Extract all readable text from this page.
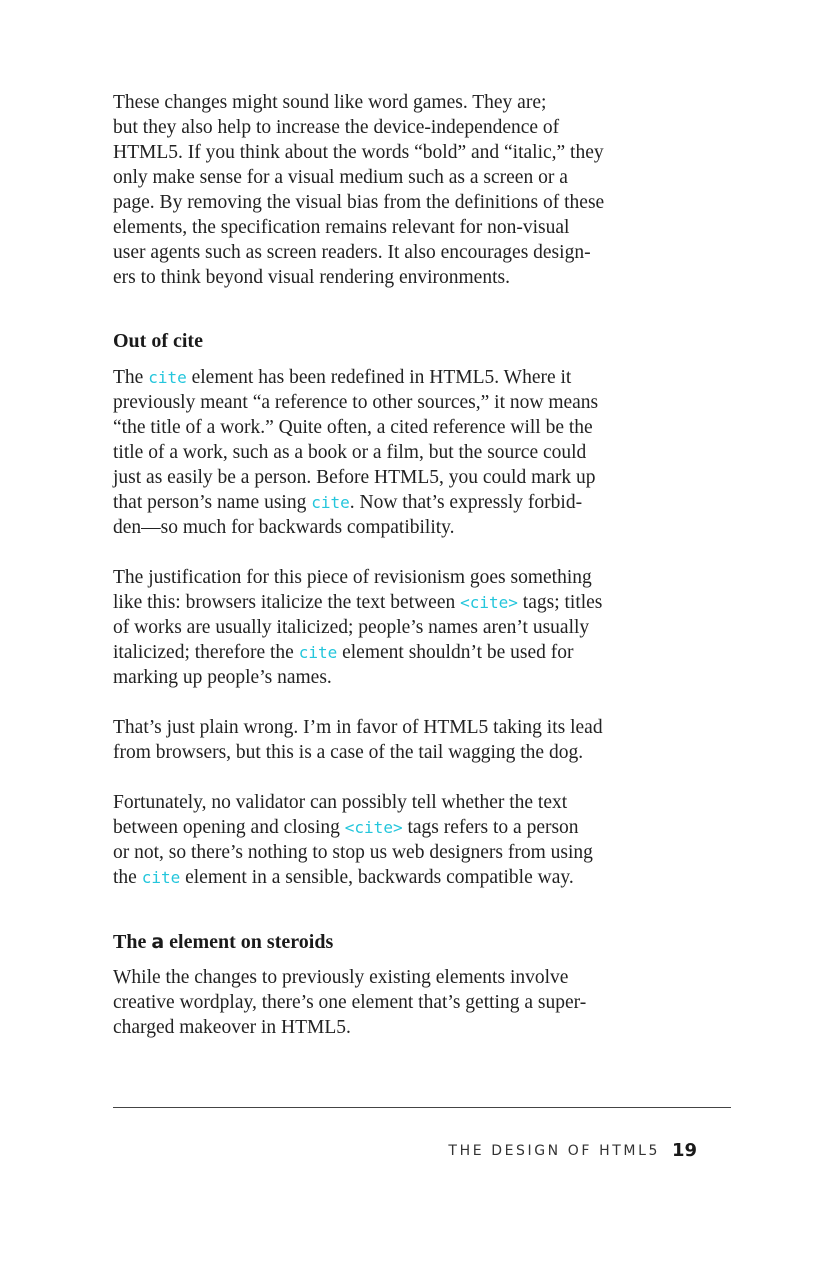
These changes might sound like word games. They are;
but they also help to increase the device-independence of
HTML5. If you think about the words “bold” and “italic,” they
only make sense for a visual medium such as a screen or a
page. By removing the visual bias from the definitions of these
elements, the specification remains relevant for non-visual
user agents such as screen readers. It also encourages design-
ers to think beyond visual rendering environments.
Out of cite
The cite element has been redefined in HTML5. Where it
previously meant “a reference to other sources,” it now means
“the title of a work.” Quite often, a cited reference will be the
title of a work, such as a book or a film, but the source could
just as easily be a person. Before HTML5, you could mark up
that person’s name using cite. Now that’s expressly forbid-
den—so much for backwards compatibility.
The justification for this piece of revisionism goes something
like this: browsers italicize the text between <cite> tags; titles
of works are usually italicized; people’s names aren’t usually
italicized; therefore the cite element shouldn’t be used for
marking up people’s names.
That’s just plain wrong. I’m in favor of HTML5 taking its lead
from browsers, but this is a case of the tail wagging the dog.
Fortunately, no validator can possibly tell whether the text
between opening and closing <cite> tags refers to a person
or not, so there’s nothing to stop us web designers from using
the cite element in a sensible, backwards compatible way.
The a element on steroids
While the changes to previously existing elements involve
creative wordplay, there’s one element that’s getting a super-
charged makeover in HTML5.
THE DESIGN OF HTML5 19
